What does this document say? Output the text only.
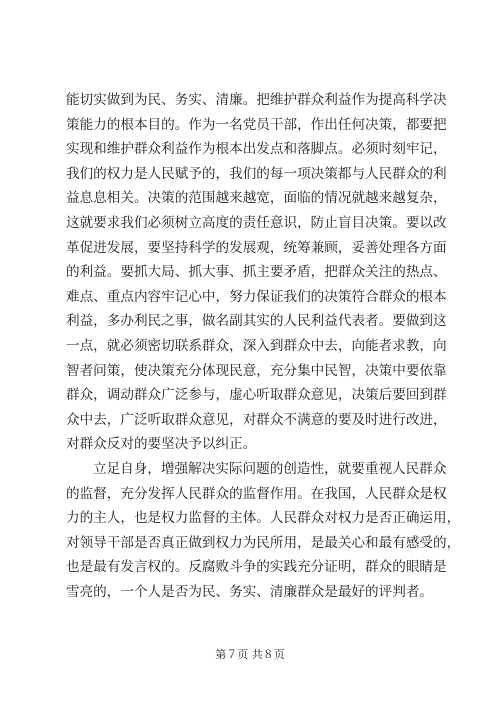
能切实做到为民、务实、清廉。把维护群众利益作为提高科学决
策能力的根本目的。作为一名党员干部，作出任何决策，都要把
实现和维护群众利益作为根本出发点和落脚点。必须时刻牢记，
我们的权力是人民赋予的，我们的每一项决策都与人民群众的利
益息息相关。决策的范围越来越宽，面临的情况就越来越复杂，
这就要求我们必须树立高度的责任意识，防止盲目决策。要以改
革促进发展，要坚持科学的发展观，统筹兼顾，妥善处理各方面
的利益。要抓大局、抓大事、抓主要矛盾，把群众关注的热点、
难点、重点内容牢记心中，努力保证我们的决策符合群众的根本
利益，多办利民之事，做名副其实的人民利益代表者。要做到这
一点，就必须密切联系群众，深入到群众中去，向能者求教，向
智者问策，使决策充分体现民意，充分集中民智，决策中要依靠
群众，调动群众广泛参与，虚心听取群众意见，决策后要回到群
众中去，广泛听取群众意见，对群众不满意的要及时进行改进，
对群众反对的要坚决予以纠正。
立足自身，增强解决实际问题的创造性，就要重视人民群众
的监督，充分发挥人民群众的监督作用。在我国，人民群众是权
力的主人，也是权力监督的主体。人民群众对权力是否正确运用，
对领导干部是否真正做到权力为民所用，是最关心和最有感受的，
也是最有发言权的。反腐败斗争的实践充分证明，群众的眼睛是
雪亮的，一个人是否为民、务实、清廉群众是最好的评判者。
第７页 共８页
